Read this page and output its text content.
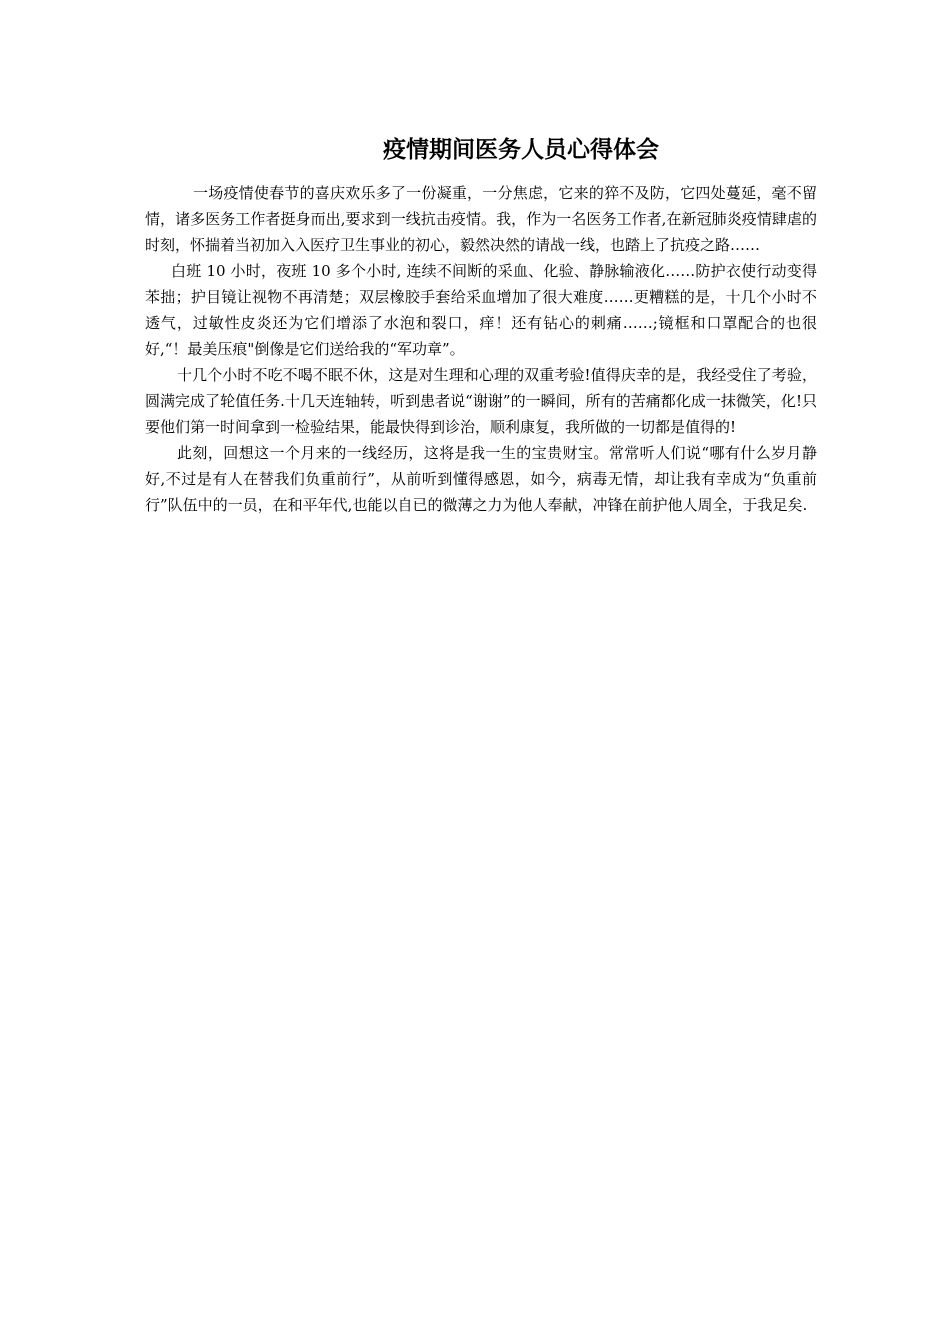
疫情期间医务人员心得体会

一场疫情使春节的喜庆欢乐多了一份凝重，一分焦虑，它来的猝不及防，它四处蔓延，毫不留情，诸多医务工作者挺身而出,要求到一线抗击疫情。我，作为一名医务工作者,在新冠肺炎疫情肆虐的时刻，怀揣着当初加入入医疗卫生事业的初心，毅然决然的请战一线，也踏上了抗疫之路……

白班 10 小时，夜班 10 多个小时, 连续不间断的采血、化验、静脉输液化……防护衣使行动变得苯拙；护目镜让视物不再清楚；双层橡胶手套给采血增加了很大难度……更糟糕的是，十几个小时不透气，过敏性皮炎还为它们增添了水泡和裂口，痒！还有钻心的刺痛……;镜框和口罩配合的也很好,“！最美压痕"倒像是它们送给我的“军功章”。

十几个小时不吃不喝不眠不休，这是对生理和心理的双重考验!值得庆幸的是，我经受住了考验，圆满完成了轮值任务.十几天连轴转，听到患者说“谢谢”的一瞬间，所有的苦痛都化成一抹微笑，化!只要他们第一时间拿到一检验结果，能最快得到诊治，顺利康复，我所做的一切都是值得的!

此刻，回想这一个月来的一线经历，这将是我一生的宝贵财宝。常常听人们说“哪有什么岁月静好,不过是有人在替我们负重前行”，从前听到懂得感恩，如今，病毒无情，却让我有幸成为“负重前行”队伍中的一员，在和平年代,也能以自已的微薄之力为他人奉献，冲锋在前护他人周全，于我足矣.
